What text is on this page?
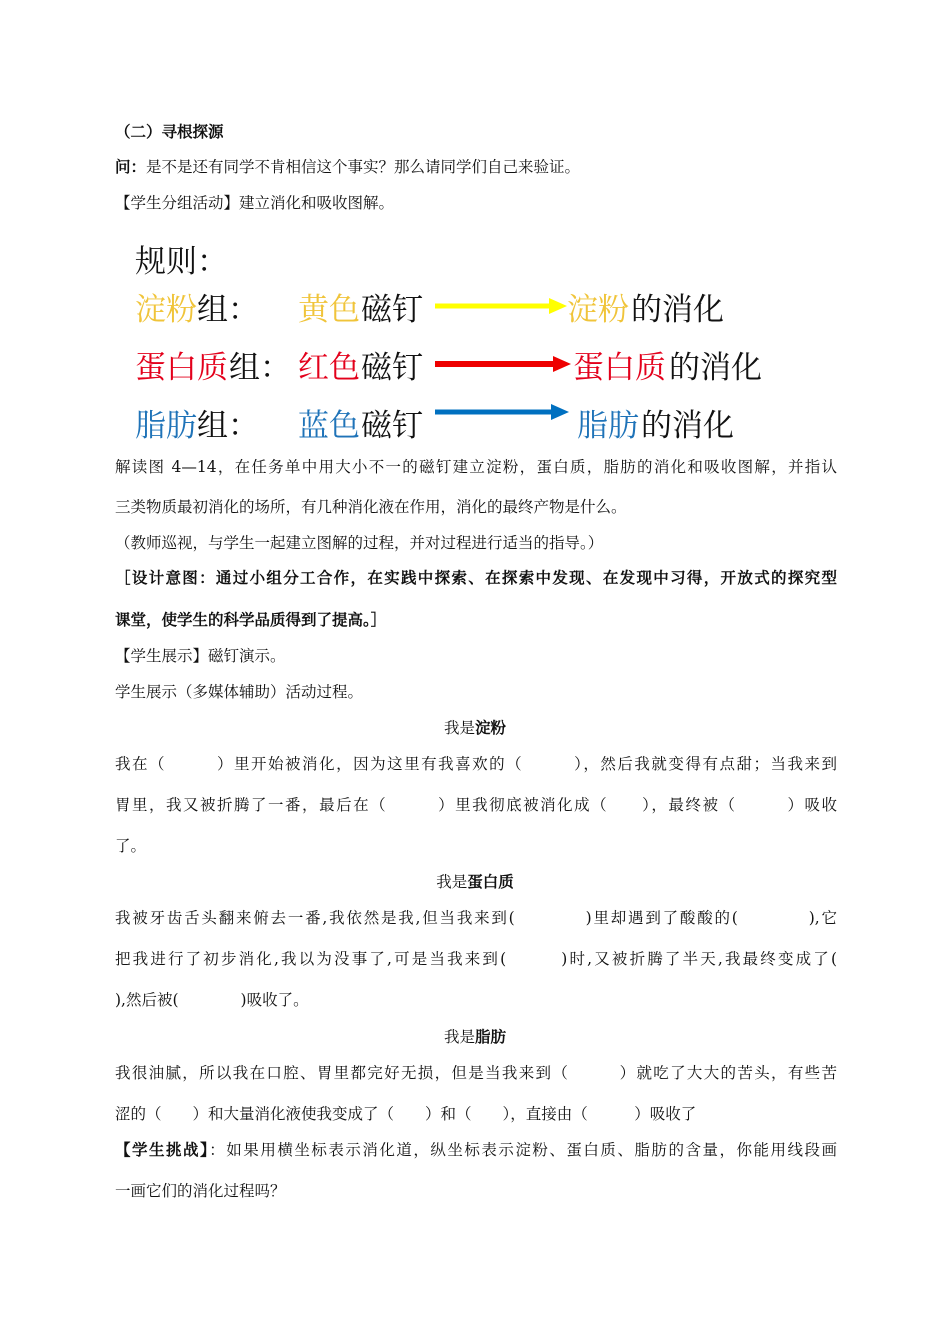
（二）寻根探源
问：是不是还有同学不肯相信这个事实？那么请同学们自己来验证。
【学生分组活动】建立消化和吸收图解。
规则：
淀粉 组： 黄色 磁钉	淀粉 的消化
蛋白质 组： 红色 磁钉	蛋白质 的消化
脂肪 组： 蓝色 磁钉	脂肪 的消化
解读图 4—14，在任务单中用大小不一的磁钉建立淀粉，蛋白质，脂肪的消化和吸收图解，并指认
三类物质最初消化的场所，有几种消化液在作用，消化的最终产物是什么。
（教师巡视，与学生一起建立图解的过程，并对过程进行适当的指导。）
［设计意图：通过小组分工合作，在实践中探索、在探索中发现、在发现中习得，开放式的探究型
课堂，使学生的科学品质得到了提高。］
【学生展示】磁钉演示。
学生展示（多媒体辅助）活动过程。
我是淀粉
我在（　　　）里开始被消化，因为这里有我喜欢的（　　　），然后我就变得有点甜；当我来到
胃里，我又被折腾了一番，最后在（　　　）里我彻底被消化成（　　），最终被（　　　）吸收
了。
我是蛋白质
我被牙齿舌头翻来俯去一番,我依然是我,但当我来到(　　　　)里却遇到了酸酸的(　　　　),它
把我进行了初步消化,我以为没事了,可是当我来到(　　　)时,又被折腾了半天,我最终变成了(
),然后被(　　　　)吸收了。
我是脂肪
我很油腻，所以我在口腔、胃里都完好无损，但是当我来到（　　　）就吃了大大的苦头，有些苦
涩的（　　）和大量消化液使我变成了（　　）和（　　），直接由（　　　）吸收了
【学生挑战】：如果用横坐标表示消化道，纵坐标表示淀粉、蛋白质、脂肪的含量，你能用线段画
一画它们的消化过程吗？
